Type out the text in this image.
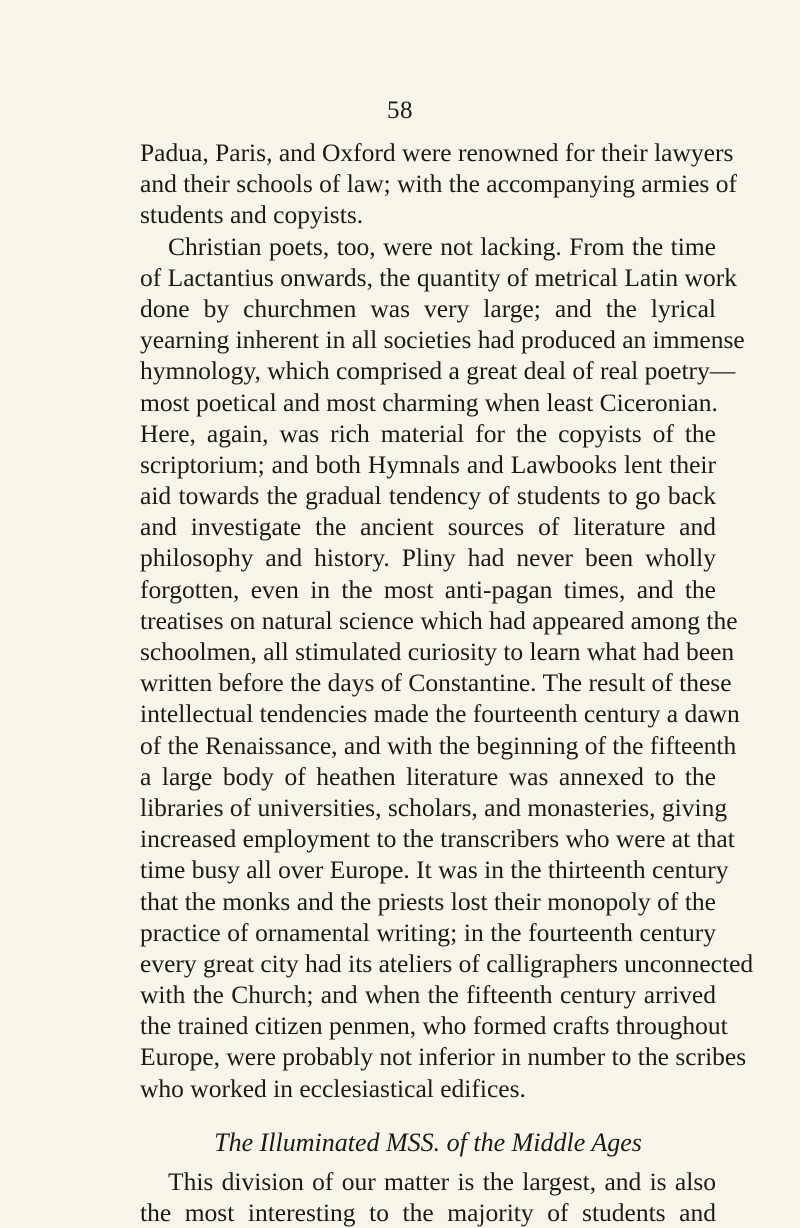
58
Padua, Paris, and Oxford were renowned for their lawyers
and their schools of law; with the accompanying armies of
students and copyists.
Christian poets, too, were not lacking. From the time
of Lactantius onwards, the quantity of metrical Latin work
done by churchmen was very large; and the lyrical
yearning inherent in all societies had produced an immense
hymnology, which comprised a great deal of real poetry—
most poetical and most charming when least Ciceronian.
Here, again, was rich material for the copyists of the
scriptorium; and both Hymnals and Lawbooks lent their
aid towards the gradual tendency of students to go back
and investigate the ancient sources of literature and
philosophy and history. Pliny had never been wholly
forgotten, even in the most anti-pagan times, and the
treatises on natural science which had appeared among the
schoolmen, all stimulated curiosity to learn what had been
written before the days of Constantine. The result of these
intellectual tendencies made the fourteenth century a dawn
of the Renaissance, and with the beginning of the fifteenth
a large body of heathen literature was annexed to the
libraries of universities, scholars, and monasteries, giving
increased employment to the transcribers who were at that
time busy all over Europe. It was in the thirteenth century
that the monks and the priests lost their monopoly of the
practice of ornamental writing; in the fourteenth century
every great city had its ateliers of calligraphers unconnected
with the Church; and when the fifteenth century arrived
the trained citizen penmen, who formed crafts throughout
Europe, were probably not inferior in number to the scribes
who worked in ecclesiastical edifices.
The Illuminated MSS. of the Middle Ages
This division of our matter is the largest, and is also
the most interesting to the majority of students and
